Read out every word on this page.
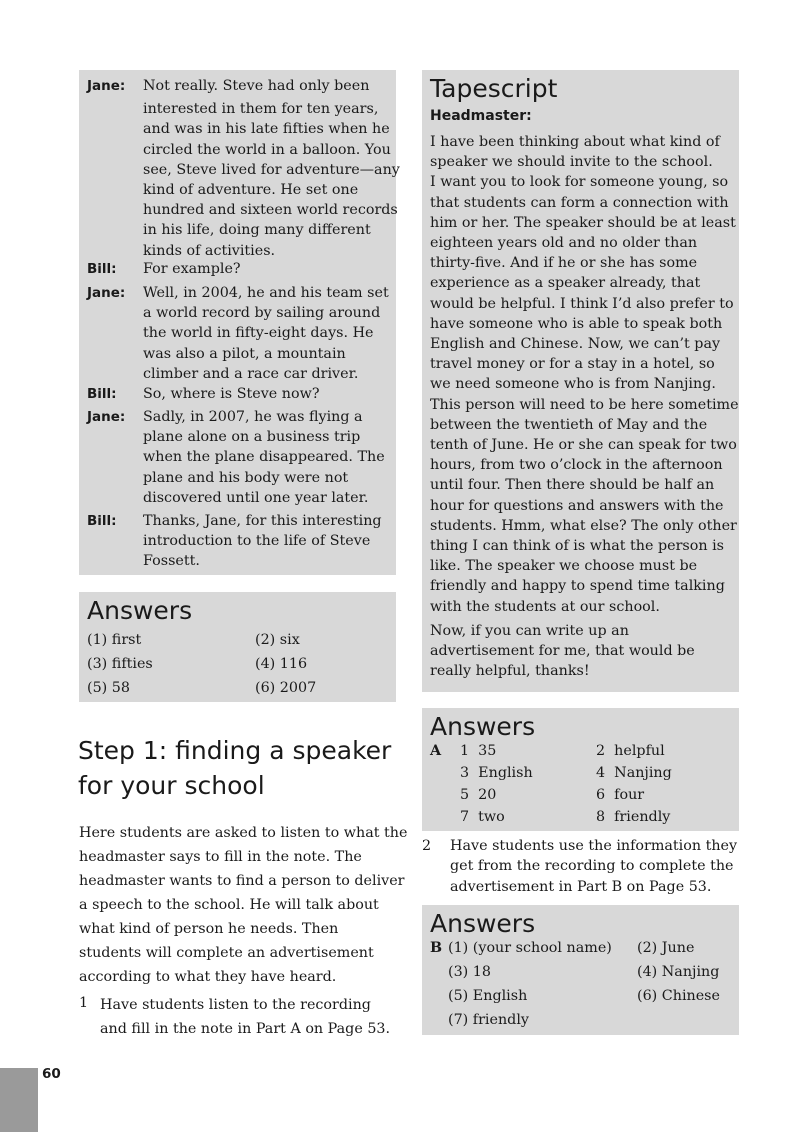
Jane: Not really. Steve had only been
interested in them for ten years,
and was in his late fifties when he
circled the world in a balloon. You
see, Steve lived for adventure—any
kind of adventure. He set one
hundred and sixteen world records
in his life, doing many different
kinds of activities.
Bill: For example?
Jane: Well, in 2004, he and his team set
a world record by sailing around
the world in fifty-eight days. He
was also a pilot, a mountain
climber and a race car driver.
Bill: So, where is Steve now?
Jane: Sadly, in 2007, he was flying a
plane alone on a business trip
when the plane disappeared. The
plane and his body were not
discovered until one year later.
Bill: Thanks, Jane, for this interesting
introduction to the life of Steve
Fossett.
Answers
(1) first	(2) six
(3) fifties	(4) 116
(5) 58	(6) 2007
Step 1: finding a speaker
for your school
Here students are asked to listen to what the
headmaster says to fill in the note. The
headmaster wants to find a person to deliver
a speech to the school. He will talk about
what kind of person he needs. Then
students will complete an advertisement
according to what they have heard.
1 Have students listen to the recording
and fill in the note in Part A on Page 53.
Tapescript
Headmaster:
I have been thinking about what kind of
speaker we should invite to the school.
I want you to look for someone young, so
that students can form a connection with
him or her. The speaker should be at least
eighteen years old and no older than
thirty-five. And if he or she has some
experience as a speaker already, that
would be helpful. I think I’d also prefer to
have someone who is able to speak both
English and Chinese. Now, we can’t pay
travel money or for a stay in a hotel, so
we need someone who is from Nanjing.
This person will need to be here sometime
between the twentieth of May and the
tenth of June. He or she can speak for two
hours, from two o’clock in the afternoon
until four. Then there should be half an
hour for questions and answers with the
students. Hmm, what else? The only other
thing I can think of is what the person is
like. The speaker we choose must be
friendly and happy to spend time talking
with the students at our school.
Now, if you can write up an
advertisement for me, that would be
really helpful, thanks!
Answers
A 1  35	2  helpful
3  English	4  Nanjing
5  20	6  four
7  two	8  friendly
2 Have students use the information they
get from the recording to complete the
advertisement in Part B on Page 53.
Answers
B (1) (your school name) (2) June
(3) 18	(4) Nanjing
(5) English	(6) Chinese
(7) friendly
60
